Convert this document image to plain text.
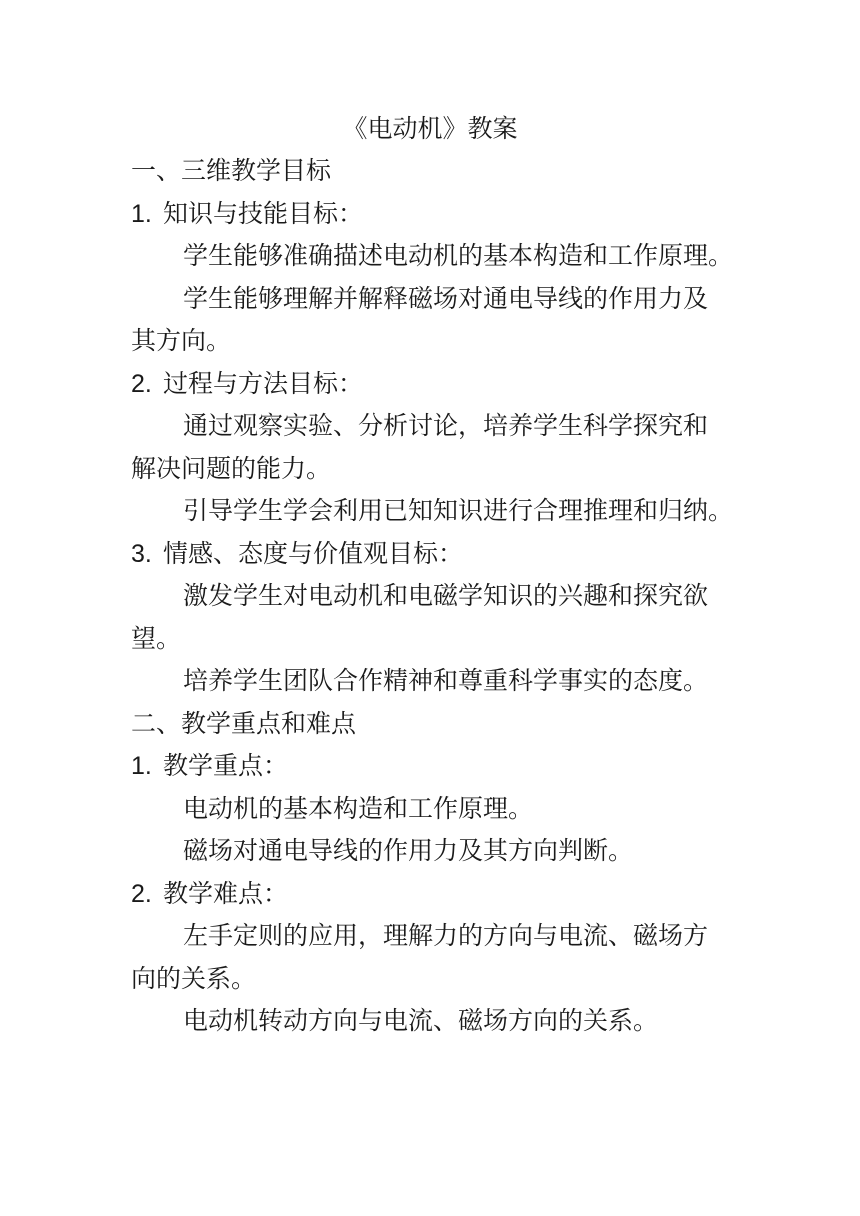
《电动机》教案

一、三维教学目标

1. 知识与技能目标：

学生能够准确描述电动机的基本构造和工作原理。

学生能够理解并解释磁场对通电导线的作用力及其方向。

2. 过程与方法目标：

通过观察实验、分析讨论，培养学生科学探究和解决问题的能力。

引导学生学会利用已知知识进行合理推理和归纳。

3. 情感、态度与价值观目标：

激发学生对电动机和电磁学知识的兴趣和探究欲望。

培养学生团队合作精神和尊重科学事实的态度。

二、教学重点和难点

1. 教学重点：

电动机的基本构造和工作原理。

磁场对通电导线的作用力及其方向判断。

2. 教学难点：

左手定则的应用，理解力的方向与电流、磁场方向的关系。

电动机转动方向与电流、磁场方向的关系。
